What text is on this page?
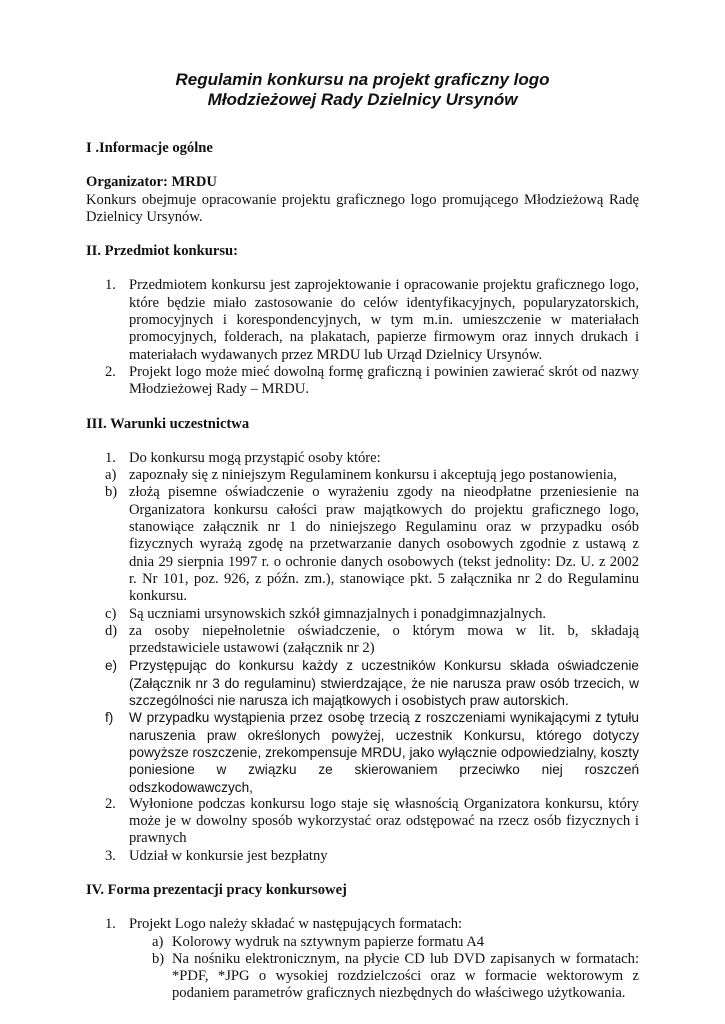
Regulamin konkursu na projekt graficzny logo
Młodzieżowej Rady Dzielnicy Ursynów
I .Informacje ogólne
Organizator: MRDU

Konkurs obejmuje opracowanie projektu graficznego logo promującego Młodzieżową Radę Dzielnicy Ursynów.

II. Przedmiot konkursu:
1. Przedmiotem konkursu jest zaprojektowanie i opracowanie projektu graficznego logo, które będzie miało zastosowanie do celów identyfikacyjnych, popularyzatorskich, promocyjnych i korespondencyjnych, w tym m.in. umieszczenie w materiałach promocyjnych, folderach, na plakatach, papierze firmowym oraz innych drukach i materiałach wydawanych przez MRDU lub Urząd Dzielnicy Ursynów.
2. Projekt logo może mieć dowolną formę graficzną i powinien zawierać skrót od nazwy Młodzieżowej Rady – MRDU.
III. Warunki uczestnictwa
1. Do konkursu mogą przystąpić osoby które:
a) zapoznały się z niniejszym Regulaminem konkursu i akceptują jego postanowienia,
b) złożą pisemne oświadczenie o wyrażeniu zgody na nieodpłatne przeniesienie na Organizatora konkursu całości praw majątkowych do projektu graficznego logo, stanowiące załącznik nr 1 do niniejszego Regulaminu oraz w przypadku osób fizycznych wyrażą zgodę na przetwarzanie danych osobowych zgodnie z ustawą z dnia 29 sierpnia 1997 r. o ochronie danych osobowych (tekst jednolity: Dz. U. z 2002 r. Nr 101, poz. 926, z późn. zm.), stanowiące pkt. 5 załącznika nr 2 do Regulaminu konkursu.
c) Są uczniami ursynowskich szkół gimnazjalnych i ponadgimnazjalnych.
d) za osoby niepełnoletnie oświadczenie, o którym mowa w lit. b, składają przedstawiciele ustawowi (załącznik nr 2)
e) Przystępując do konkursu każdy z uczestników Konkursu składa oświadczenie (Załącznik nr 3 do regulaminu) stwierdzające, że nie narusza praw osób trzecich, w szczególności nie narusza ich majątkowych i osobistych praw autorskich.
f) W przypadku wystąpienia przez osobę trzecią z roszczeniami wynikającymi z tytułu naruszenia praw określonych powyżej, uczestnik Konkursu, którego dotyczy powyższe roszczenie, zrekompensuje MRDU, jako wyłącznie odpowiedzialny, koszty poniesione w związku ze skierowaniem przeciwko niej roszczeń odszkodowawczych,
2. Wyłonione podczas konkursu logo staje się własnością Organizatora konkursu, który może je w dowolny sposób wykorzystać oraz odstępować na rzecz osób fizycznych i prawnych
3. Udział w konkursie jest bezpłatny
IV. Forma prezentacji pracy konkursowej
1. Projekt Logo należy składać w następujących formatach:
a) Kolorowy wydruk na sztywnym papierze formatu A4
b) Na nośniku elektronicznym, na płycie CD lub DVD zapisanych w formatach: *PDF, *JPG o wysokiej rozdzielczości oraz w formacie wektorowym z podaniem parametrów graficznych niezbędnych do właściwego użytkowania.
